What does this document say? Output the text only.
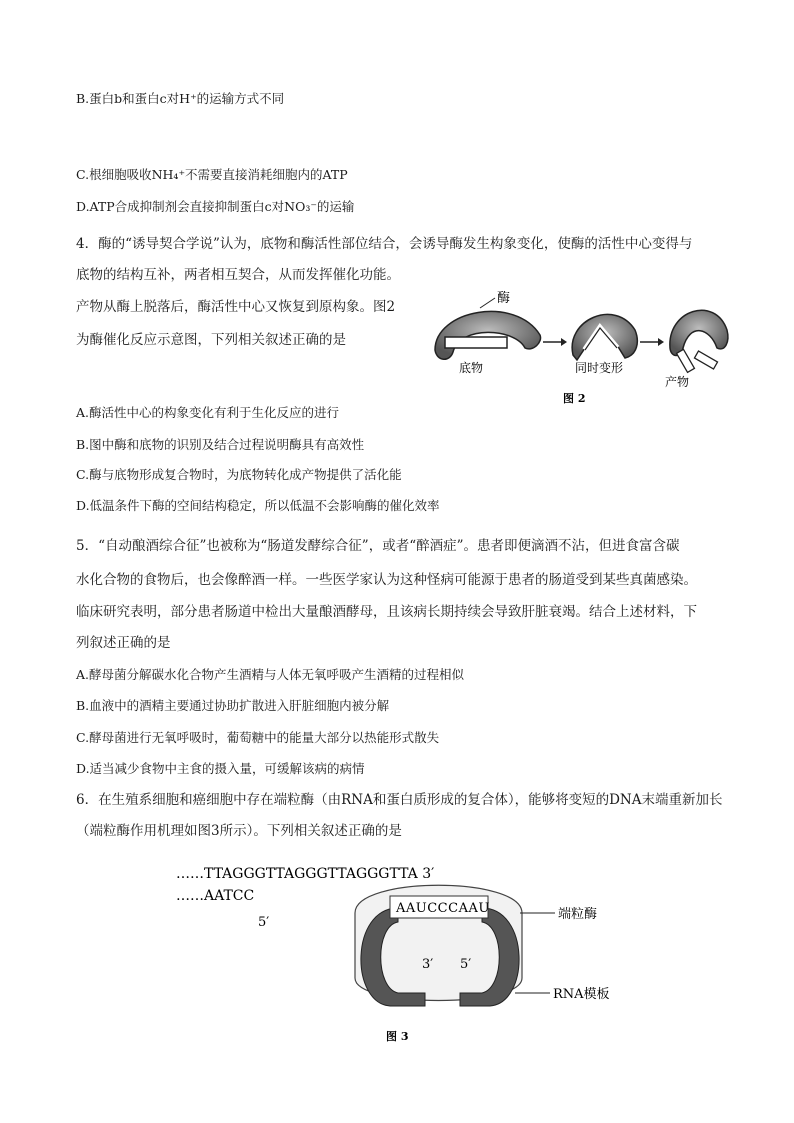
B.蛋白b和蛋白c对H⁺的运输方式不同
C.根细胞吸收NH₄⁺不需要直接消耗细胞内的ATP
D.ATP合成抑制剂会直接抑制蛋白c对NO₃⁻的运输
4．酶的“诱导契合学说”认为，底物和酶活性部位结合，会诱导酶发生构象变化，使酶的活性中心变得与
底物的结构互补，两者相互契合，从而发挥催化功能。
产物从酶上脱落后，酶活性中心又恢复到原构象。图2
为酶催化反应示意图，下列相关叙述正确的是
酶
底物	同时变形
产物
图 2
A.酶活性中心的构象变化有利于生化反应的进行
B.图中酶和底物的识别及结合过程说明酶具有高效性
C.酶与底物形成复合物时，为底物转化成产物提供了活化能
D.低温条件下酶的空间结构稳定，所以低温不会影响酶的催化效率
5．“自动酿酒综合征”也被称为“肠道发酵综合征”，或者“醉酒症”。患者即便滴酒不沾，但进食富含碳
水化合物的食物后，也会像醉酒一样。一些医学家认为这种怪病可能源于患者的肠道受到某些真菌感染。
临床研究表明，部分患者肠道中检出大量酿酒酵母，且该病长期持续会导致肝脏衰竭。结合上述材料，下
列叙述正确的是
A.酵母菌分解碳水化合物产生酒精与人体无氧呼吸产生酒精的过程相似
B.血液中的酒精主要通过协助扩散进入肝脏细胞内被分解
C.酵母菌进行无氧呼吸时，葡萄糖中的能量大部分以热能形式散失
D.适当减少食物中主食的摄入量，可缓解该病的病情
6．在生殖系细胞和癌细胞中存在端粒酶（由RNA和蛋白质形成的复合体），能够将变短的DNA末端重新加长
（端粒酶作用机理如图3所示）。下列相关叙述正确的是
AAUCCCAAU
……TTAGGGTTAGGGTTAGGGTTA 3′
……AATCC
5′
3′ 5′
端粒酶
RNA模板
图 3
